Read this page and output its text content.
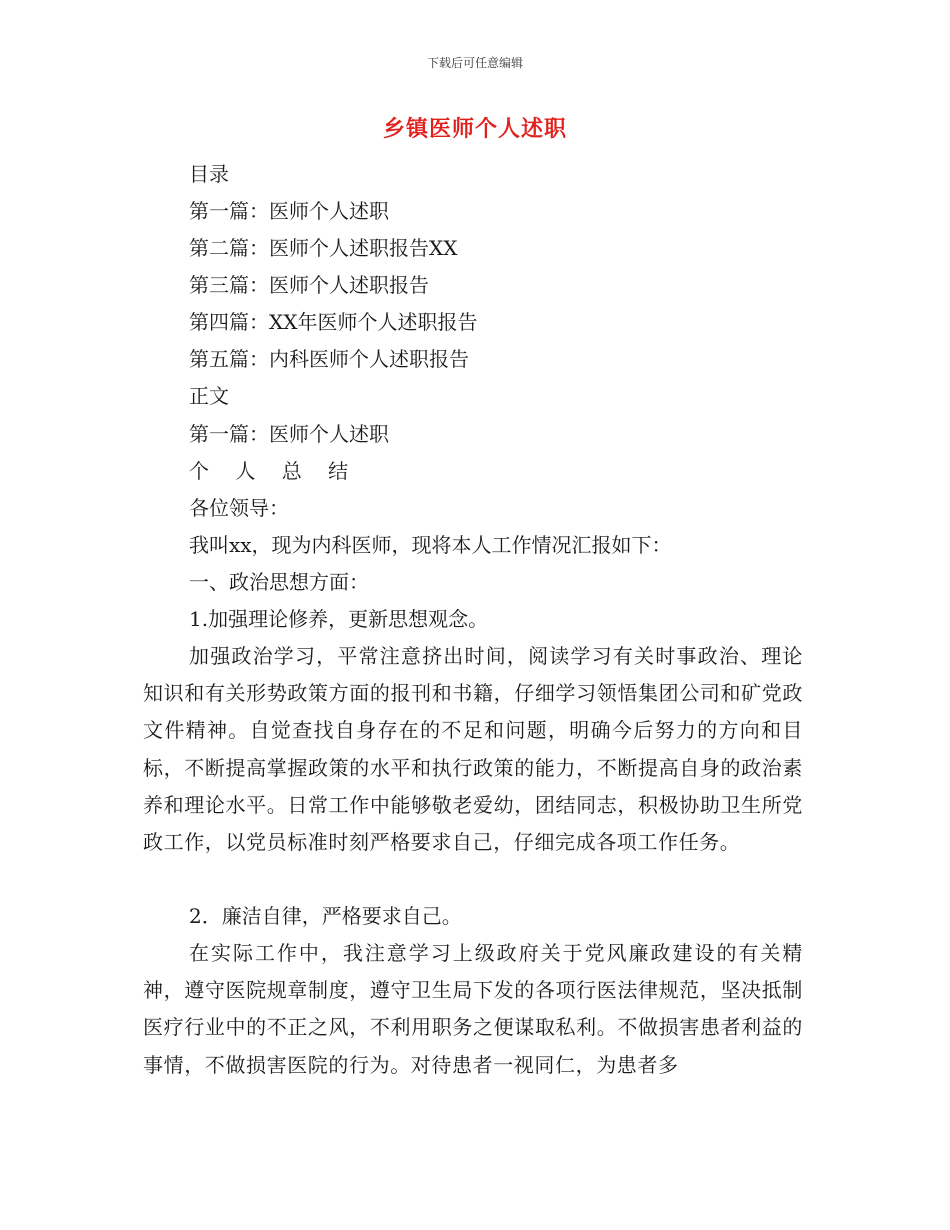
下载后可任意编辑
乡镇医师个人述职
目录
第一篇：医师个人述职
第二篇：医师个人述职报告XX
第三篇：医师个人述职报告
第四篇：XX年医师个人述职报告
第五篇：内科医师个人述职报告
正文
第一篇：医师个人述职
个 人 总 结
各位领导：
我叫xx，现为内科医师，现将本人工作情况汇报如下：
一、政治思想方面：
1.加强理论修养，更新思想观念。
加强政治学习，平常注意挤出时间，阅读学习有关时事政治、理论知识和有关形势政策方面的报刊和书籍，仔细学习领悟集团公司和矿党政文件精神。自觉查找自身存在的不足和问题，明确今后努力的方向和目标，不断提高掌握政策的水平和执行政策的能力，不断提高自身的政治素养和理论水平。日常工作中能够敬老爱幼，团结同志，积极协助卫生所党政工作，以党员标准时刻严格要求自己，仔细完成各项工作任务。
2．廉洁自律，严格要求自己。
在实际工作中，我注意学习上级政府关于党风廉政建设的有关精神，遵守医院规章制度，遵守卫生局下发的各项行医法律规范，坚决抵制医疗行业中的不正之风，不利用职务之便谋取私利。不做损害患者利益的事情，不做损害医院的行为。对待患者一视同仁，为患者多
